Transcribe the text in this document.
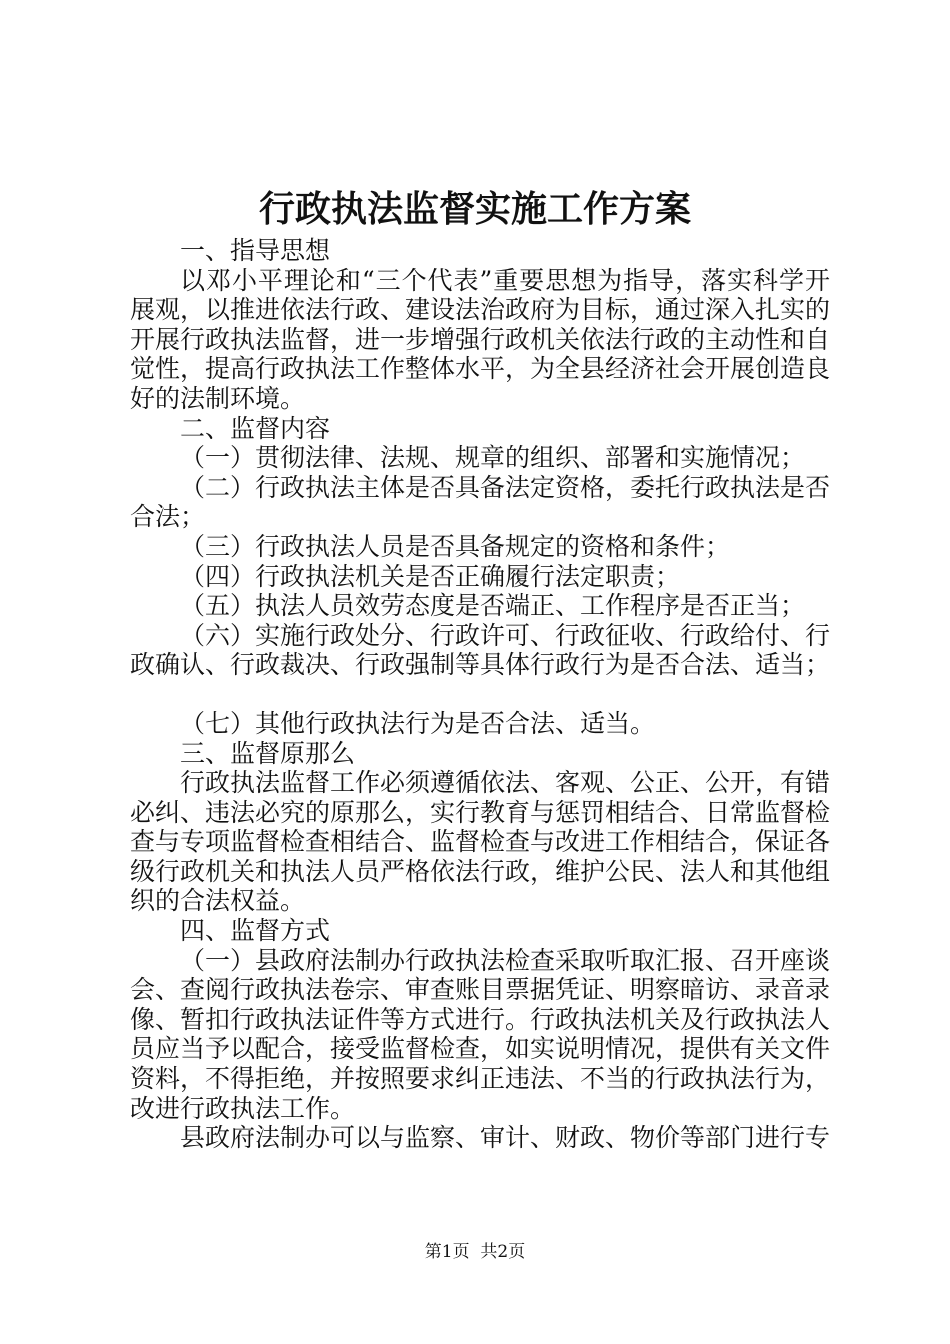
行政执法监督实施工作方案

一、指导思想

以邓小平理论和“三个代表”重要思想为指导，落实科学开展观，以推进依法行政、建设法治政府为目标，通过深入扎实的开展行政执法监督，进一步增强行政机关依法行政的主动性和自觉性，提高行政执法工作整体水平，为全县经济社会开展创造良好的法制环境。

二、监督内容

（一）贯彻法律、法规、规章的组织、部署和实施情况；

（二）行政执法主体是否具备法定资格，委托行政执法是否合法；

（三）行政执法人员是否具备规定的资格和条件；

（四）行政执法机关是否正确履行法定职责；

（五）执法人员效劳态度是否端正、工作程序是否正当；

（六）实施行政处分、行政许可、行政征收、行政给付、行政确认、行政裁决、行政强制等具体行政行为是否合法、适当；

（七）其他行政执法行为是否合法、适当。

三、监督原那么

行政执法监督工作必须遵循依法、客观、公正、公开，有错必纠、违法必究的原那么，实行教育与惩罚相结合、日常监督检查与专项监督检查相结合、监督检查与改进工作相结合，保证各级行政机关和执法人员严格依法行政，维护公民、法人和其他组织的合法权益。

四、监督方式

（一）县政府法制办行政执法检查采取听取汇报、召开座谈会、查阅行政执法卷宗、审查账目票据凭证、明察暗访、录音录像、暂扣行政执法证件等方式进行。行政执法机关及行政执法人员应当予以配合，接受监督检查，如实说明情况，提供有关文件资料，不得拒绝，并按照要求纠正违法、不当的行政执法行为，改进行政执法工作。

县政府法制办可以与监察、审计、财政、物价等部门进行专

第1页  共2页
